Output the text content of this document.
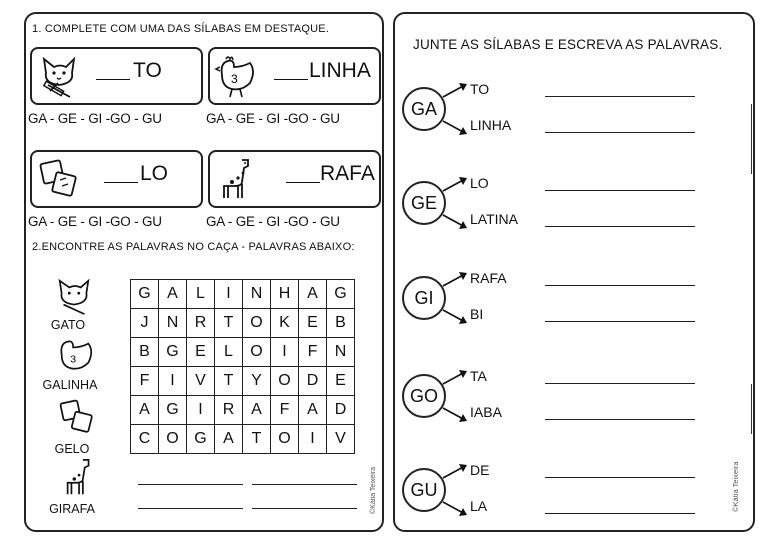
1. COMPLETE COM UMA DAS SÍLABAS EM DESTAQUE.
TO
GA - GE - GI -GO - GU
3	LINHA
GA - GE - GI -GO - GU
LO
GA - GE - GI -GO - GU
RAFA
GA - GE - GI -GO - GU
2.ENCONTRE AS PALAVRAS NO CAÇA - PALAVRAS ABAIXO:
GATO
3
GALINHA
GELO
GIRAFA
G	A	L	I	N	H	A	G
J	N	R	T	O	K	E	B
B	G	E	L	O	I	F	N
F	I	V	T	Y	O	D	E
A	G	I	R	A	F	A	D
C	O	G	A	T	O	I	V
©Kátia Teixeira
JUNTE AS SÍLABAS E ESCREVA AS PALAVRAS.
GA
TO
LINHA
GE
LO
LATINA
GI
RAFA
BI
GO
TA
IABA
GU
DE
LA	©Kátia Teixeira
